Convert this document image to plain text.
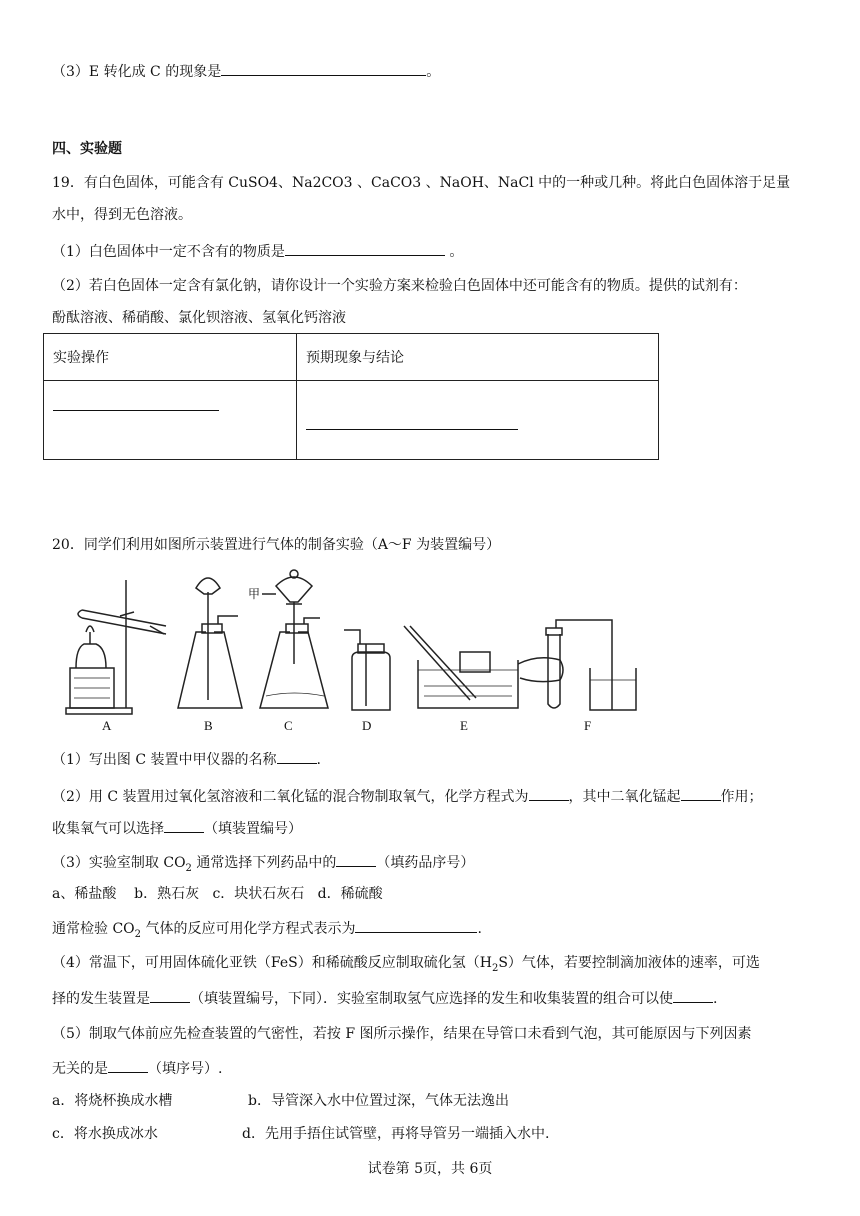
（3）E 转化成 C 的现象是	。
四、实验题
19．有白色固体，可能含有 CuSO4、Na2CO3 、CaCO3 、NaOH、NaCl 中的一种或几种。将此白色固体溶于足量
水中，得到无色溶液。
（1）白色固体中一定不含有的物质是	。
（2）若白色固体一定含有氯化钠，请你设计一个实验方案来检验白色固体中还可能含有的物质。提供的试剂有：
酚酞溶液、稀硝酸、氯化钡溶液、氢氧化钙溶液
实验操作	预期现象与结论

20．同学们利用如图所示装置进行气体的制备实验（A～F 为装置编号）
A	B	C	D	E	F
甲
（1）写出图 C 装置中甲仪器的名称	.
（2）用 C 装置用过氧化氢溶液和二氧化锰的混合物制取氧气，化学方程式为	，其中二氧化锰起	作用；
收集氧气可以选择	（填装置编号）
（3）实验室制取 $CO_2$ 通常选择下列药品中的	（填药品序号）
a、稀盐酸    b．熟石灰   c．块状石灰石   d．稀硫酸
通常检验 $CO_2$ 气体的反应可用化学方程式表示为	.
（4）常温下，可用固体硫化亚铁（FeS）和稀硫酸反应制取硫化氢$(H_2S)$气体，若要控制滴加液体的速率，可选
择的发生装置是	（填装置编号，下同）．实验室制取氢气应选择的发生和收集装置的组合可以使	.
（5）制取气体前应先检查装置的气密性，若按 F 图所示操作，结果在导管口未看到气泡，其可能原因与下列因素
无关的是	（填序号）.
a．将烧杯换成水槽	b．导管深入水中位置过深，气体无法逸出
c．将水换成冰水	d．先用手捂住试管壁，再将导管另一端插入水中.
试卷第 5页，共 6页
